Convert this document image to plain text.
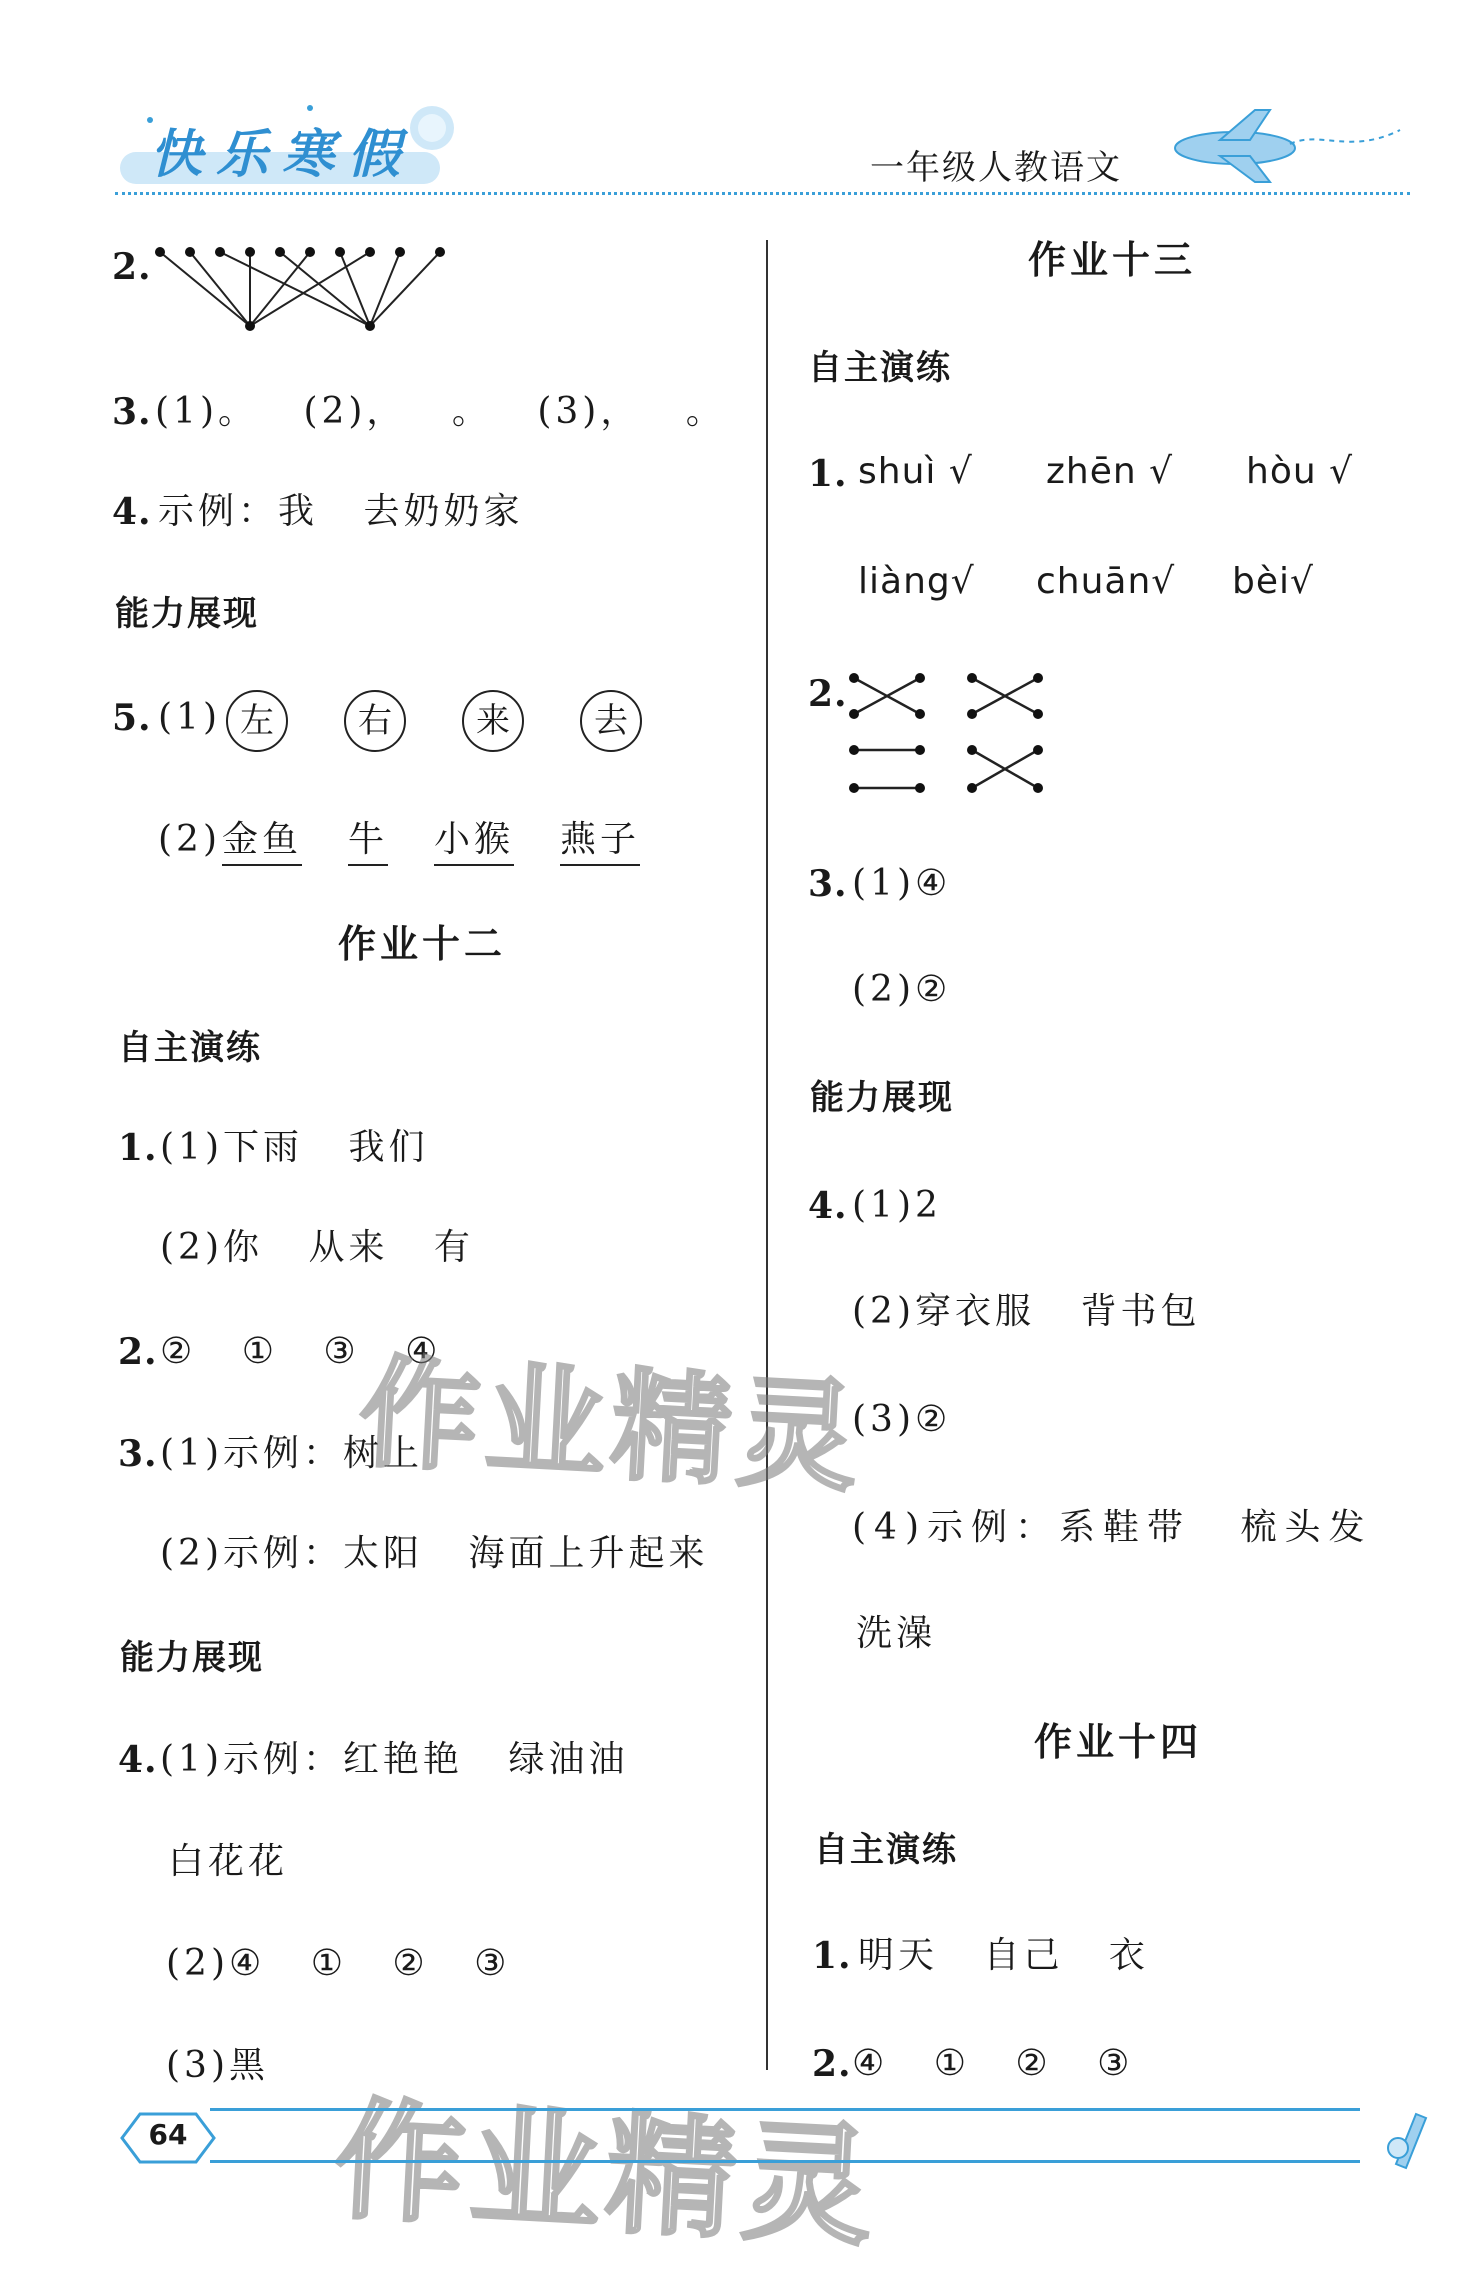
快乐寒假	一年级人教语文
2.
3. (1)。 (2)， 。 (3)， 。
4. 示例：我 去奶奶家
能力展现
5. (1) 左	右	来	去
(2) 金鱼 牛 小猴 燕子
作业十二
自主演练
1. (1)下雨 我们
(2)你 从来 有
2. ② ① ③ ④
3. (1)示例：树上
(2)示例：太阳 海面上升起来
能力展现
4. (1)示例：红艳艳 绿油油
白花花
(2)④ ① ② ③
(3)黑
作业十三
自主演练
1. shuì √ zhēn √ hòu √
liàng√ chuān√ bèi√
2.
3. (1)④
(2)②
能力展现
4. (1)2
(2)穿衣服 背书包
(3)②
(4)示例：系鞋带 梳头发
洗澡
作业十四
自主演练
1. 明天 自己 衣
2. ④ ① ② ③
作业精灵
作业精灵
64
